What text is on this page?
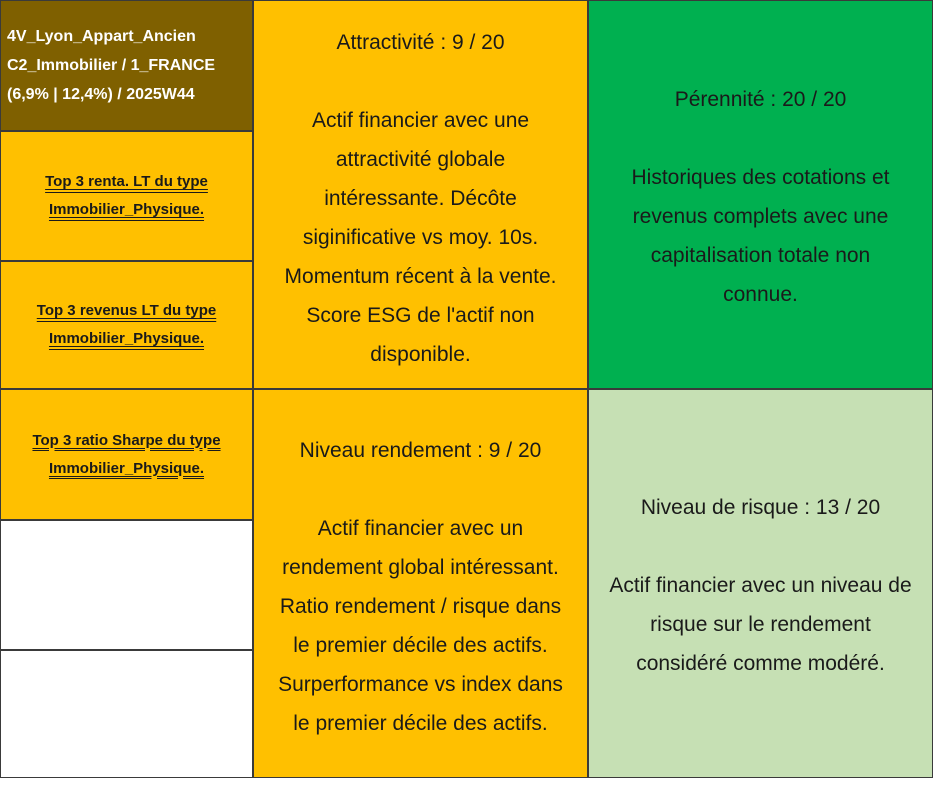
4V_Lyon_Appart_Ancien
C2_Immobilier / 1_FRANCE
(6,9% | 12,4%) / 2025W44
Top 3 renta. LT du type
Immobilier_Physique.
Top 3 revenus LT du type
Immobilier_Physique.
Top 3 ratio Sharpe du type
Immobilier_Physique.
Attractivité : 9 / 20
Actif financier avec une
attractivité globale
intéressante. Décôte
siginificative vs moy. 10s.
Momentum récent à la vente.
Score ESG de l'actif non
disponible.
Pérennité : 20 / 20
Historiques des cotations et
revenus complets avec une
capitalisation totale non
connue.
Niveau rendement : 9 / 20
Actif financier avec un
rendement global intéressant.
Ratio rendement / risque dans
le premier décile des actifs.
Surperformance vs index dans
le premier décile des actifs.
Niveau de risque : 13 / 20
Actif financier avec un niveau de
risque sur le rendement
considéré comme modéré.
